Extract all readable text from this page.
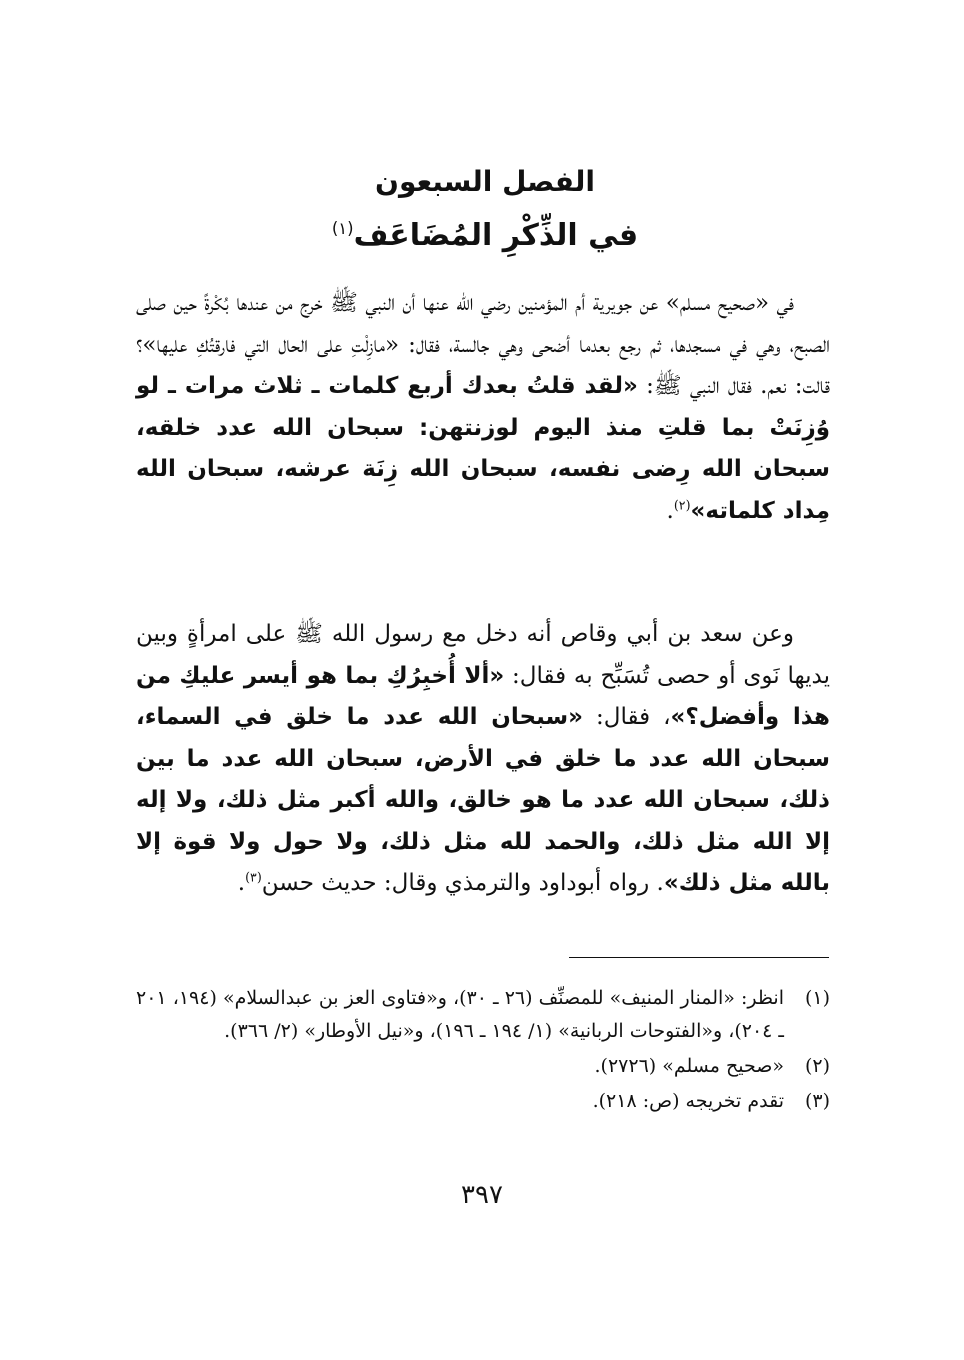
الفصل السبعون
في الذِّكْرِ المُضَاعَف$^{(١)}$
في «صحيح مسلم» عن جويرية أم المؤمنين رضي الله عنها أن النبي ﷺ خرج من عندها بُكْرةً حين صلى الصبح، وهي في مسجدها، ثم رجع بعدما أضحى وهي جالسة، فقال: «مازِلْتِ على الحال التي فارقتُكِ عليها»؟ قالت: نعم. فقال النبي ﷺ: «لقد قلتُ بعدك أربع كلمات ـ ثلاث مرات ـ لو وُزِنَتْ بما قلتِ منذ اليوم لوزنتهن: سبحان الله عدد خلقه، سبحان الله رِضى نفسه، سبحان الله زِنَة عرشه، سبحان الله مِداد كلماته»$^{(٢)}$.
وعن سعد بن أبي وقاص أنه دخل مع رسول الله ﷺ على امرأةٍ وبين يديها نَوى أو حصى تُسَبِّح به فقال: «ألا أُخبِرُكِ بما هو أيسر عليكِ من هذا وأفضل؟»، فقال: «سبحان الله عدد ما خلق في السماء، سبحان الله عدد ما خلق في الأرض، سبحان الله عدد ما بين ذلك، سبحان الله عدد ما هو خالق، والله أكبر مثل ذلك، ولا إله إلا الله مثل ذلك، والحمد لله مثل ذلك، ولا حول ولا قوة إلا بالله مثل ذلك». رواه أبوداود والترمذي وقال: حديث حسن$^{(٣)}$.
(١)
انظر: «المنار المنيف» للمصنِّف (٢٦ ـ ٣٠)، و«فتاوى العز بن عبدالسلام» (١٩٤، ٢٠١ ـ ٢٠٤)، و«الفتوحات الربانية» (١/ ١٩٤ ـ ١٩٦)، و«نيل الأوطار» (٢/ ٣٦٦).
(٢)
«صحيح مسلم» (٢٧٢٦).
(٣)
تقدم تخريجه (ص: ٢١٨).
٣٩٧
